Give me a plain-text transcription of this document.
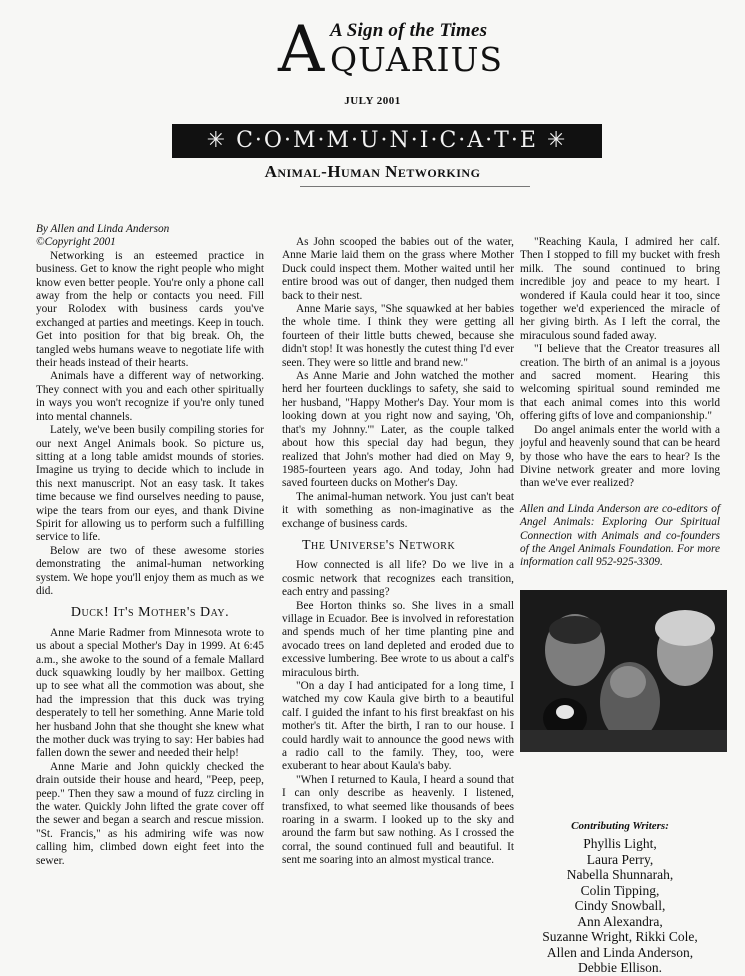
A A Sign of the Times
QUARIUS
JULY 2001
✳ C·O·M·M·U·N·I·C·A·T·E ✳
Animal-Human Networking

By Allen and Linda Anderson

©Copyright 2001

Networking is an esteemed practice in business. Get to know the right people who might know even better people. You're only a phone call away from the help or contacts you need. Fill your Rolodex with business cards you've exchanged at parties and meetings. Keep in touch. Get into position for that big break. Oh, the tangled webs humans weave to negotiate life with their heads instead of their hearts.

Animals have a different way of networking. They connect with you and each other spiritually in ways you won't recognize if you're only tuned into mental channels.

Lately, we've been busily compiling stories for our next Angel Animals book. So picture us, sitting at a long table amidst mounds of stories. Imagine us trying to decide which to include in this next manuscript. Not an easy task. It takes time because we find ourselves needing to pause, wipe the tears from our eyes, and thank Divine Spirit for allowing us to perform such a fulfilling service to life.

Below are two of these awesome stories demonstrating the animal-human networking system. We hope you'll enjoy them as much as we did.

Duck! It's Mother's Day.

Anne Marie Radmer from Minnesota wrote to us about a special Mother's Day in 1999. At 6:45 a.m., she awoke to the sound of a female Mallard duck squawking loudly by her mailbox. Getting up to see what all the commotion was about, she had the impression that this duck was trying desperately to tell her something. Anne Marie told her husband John that she thought she knew what the mother duck was trying to say: Her babies had fallen down the sewer and needed their help!

Anne Marie and John quickly checked the drain outside their house and heard, "Peep, peep, peep." Then they saw a mound of fuzz circling in the water. Quickly John lifted the grate cover off the sewer and began a search and rescue mission. "St. Francis," as his admiring wife was now calling him, climbed down eight feet into the sewer.

As John scooped the babies out of the water, Anne Marie laid them on the grass where Mother Duck could inspect them. Mother waited until her entire brood was out of danger, then nudged them back to their nest.

Anne Marie says, "She squawked at her babies the whole time. I think they were getting all fourteen of their little butts chewed, because she didn't stop! It was honestly the cutest thing I'd ever seen. They were so little and brand new."

As Anne Marie and John watched the mother herd her fourteen ducklings to safety, she said to her husband, "Happy Mother's Day. Your mom is looking down at you right now and saying, 'Oh, that's my Johnny.'" Later, as the couple talked about how this special day had begun, they realized that John's mother had died on May 9, 1985-fourteen years ago. And today, John had saved fourteen ducks on Mother's Day.

The animal-human network. You just can't beat it with something as non-imaginative as the exchange of business cards.

The Universe's Network

How connected is all life? Do we live in a cosmic network that recognizes each transition, each entry and passing?

Bee Horton thinks so. She lives in a small village in Ecuador. Bee is involved in reforestation and spends much of her time planting pine and avocado trees on land depleted and eroded due to excessive lumbering. Bee wrote to us about a calf's miraculous birth.

"On a day I had anticipated for a long time, I watched my cow Kaula give birth to a beautiful calf. I guided the infant to his first breakfast on his mother's tit. After the birth, I ran to our house. I could hardly wait to announce the good news with a radio call to the family. They, too, were exuberant to hear about Kaula's baby.

"When I returned to Kaula, I heard a sound that I can only describe as heavenly. I listened, transfixed, to what seemed like thousands of bees roaring in a swarm. I looked up to the sky and around the farm but saw nothing. As I crossed the corral, the sound continued full and beautiful. It sent me soaring into an almost mystical trance.

"Reaching Kaula, I admired her calf. Then I stopped to fill my bucket with fresh milk. The sound continued to bring incredible joy and peace to my heart. I wondered if Kaula could hear it too, since together we'd experienced the miracle of her giving birth. As I left the corral, the miraculous sound faded away.

"I believe that the Creator treasures all creation. The birth of an animal is a joyous and sacred moment. Hearing this welcoming spiritual sound reminded me that each animal comes into this world offering gifts of love and companionship."

Do angel animals enter the world with a joyful and heavenly sound that can be heard by those who have the ears to hear? Is the Divine network greater and more loving than we've ever realized?

Allen and Linda Anderson are co-editors of Angel Animals: Exploring Our Spiritual Connection with Animals and co-founders of the Angel Animals Foundation. For more information call 952-925-3309.

Contributing Writers:
Phyllis Light,
Laura Perry,
Nabella Shunnarah,
Colin Tipping,
Cindy Snowball,
Ann Alexandra,
Suzanne Wright, Rikki Cole,
Allen and Linda Anderson,
Debbie Ellison.
